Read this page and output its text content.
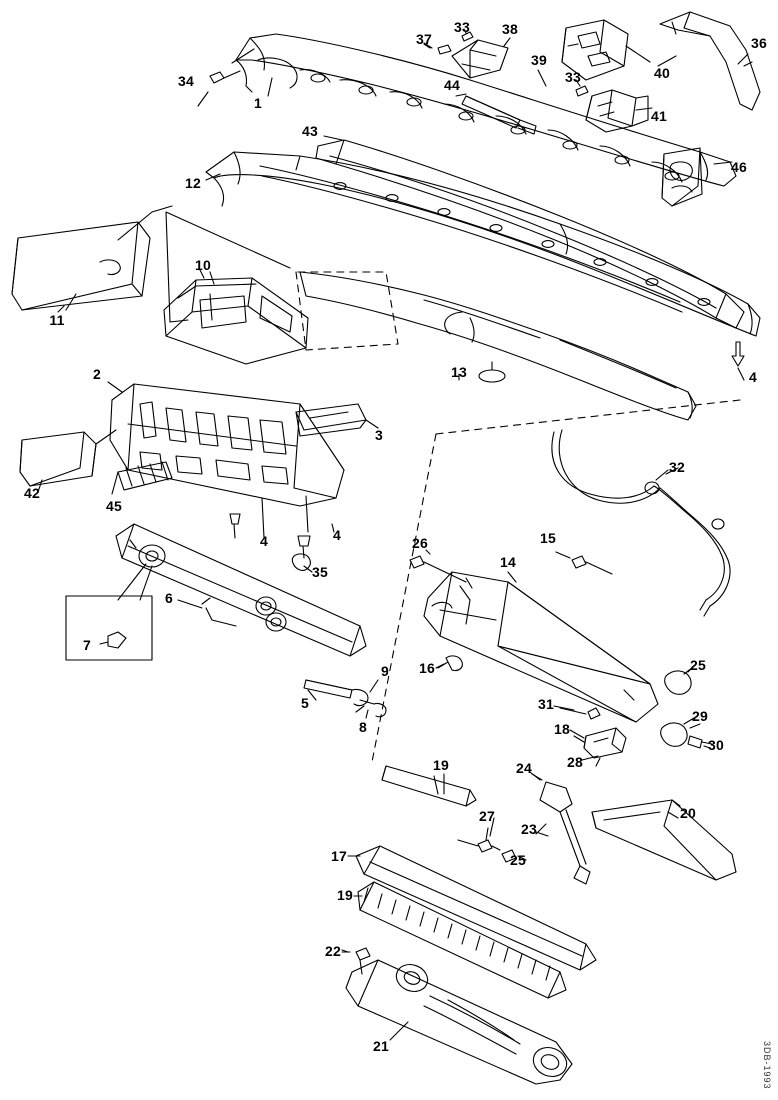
34
1
37
33 38
39
33	40
41
36
44
43
12
46
11
10
13	4
2
3
42
45
4	4
35
32
26	15
14
6
7
16	25
5
9
8
31
18
28
29
30
19	24
20
27
23
17	25
19
22
21	3DB-1993
